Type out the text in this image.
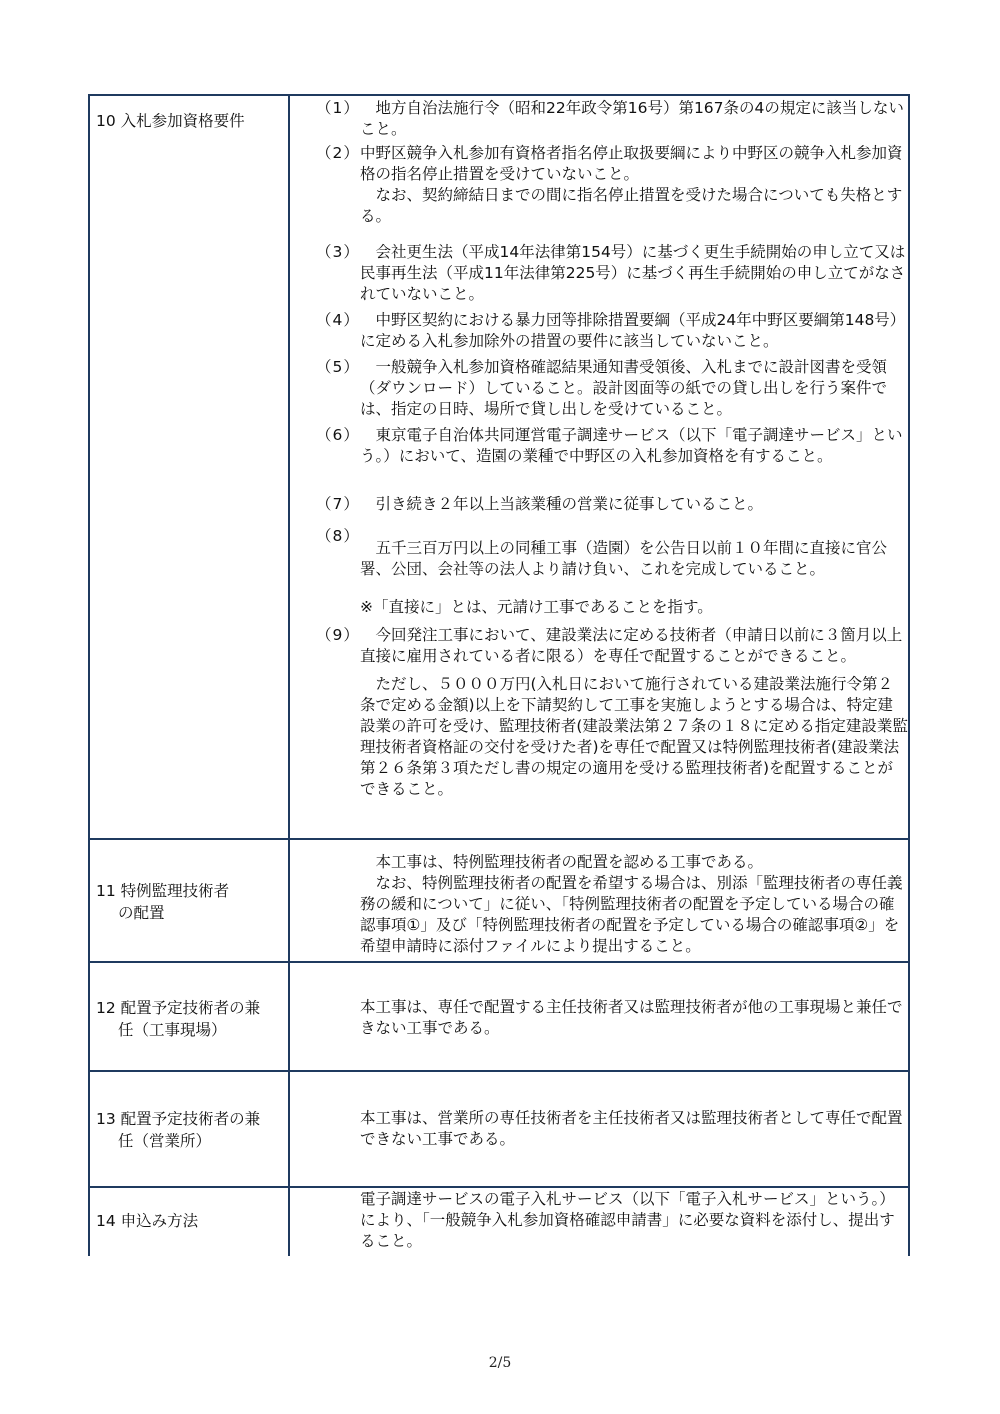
10 入札参加資格要件
（1） 　地方自治法施行令（昭和22年政令第16号）第167条の4の規定に該当しないこと。

（2） 中野区競争入札参加有資格者指名停止取扱要綱により中野区の競争入札参加資格の指名停止措置を受けていないこと。

　なお、契約締結日までの間に指名停止措置を受けた場合についても失格とする。

（3） 　会社更生法（平成14年法律第154号）に基づく更生手続開始の申し立て又は民事再生法（平成11年法律第225号）に基づく再生手続開始の申し立てがなされていないこと。

（4） 　中野区契約における暴力団等排除措置要綱（平成24年中野区要綱第148号）に定める入札参加除外の措置の要件に該当していないこと。

（5） 　一般競争入札参加資格確認結果通知書受領後、入札までに設計図書を受領（ダウンロード）していること。設計図面等の紙での貸し出しを行う案件では、指定の日時、場所で貸し出しを受けていること。

（6） 　東京電子自治体共同運営電子調達サービス（以下「電子調達サービス」という。）において、造園の業種で中野区の入札参加資格を有すること。

（7） 　引き続き２年以上当該業種の営業に従事していること。

（8）

　五千三百万円以上の同種工事（造園）を公告日以前１０年間に直接に官公署、公団、会社等の法人より請け負い、これを完成していること。

※「直接に」とは、元請け工事であることを指す。

（9） 　今回発注工事において、建設業法に定める技術者（申請日以前に３箇月以上直接に雇用されている者に限る）を専任で配置することができること。

　ただし、５０００万円(入札日において施行されている建設業法施行令第２条で定める金額)以上を下請契約して工事を実施しようとする場合は、特定建設業の許可を受け、監理技術者(建設業法第２７条の１８に定める指定建設業監理技術者資格証の交付を受けた者)を専任で配置又は特例監理技術者(建設業法第２６条第３項ただし書の規定の適用を受ける監理技術者)を配置することができること。

11 特例監理技術者
の配置

　本工事は、特例監理技術者の配置を認める工事である。

　なお、特例監理技術者の配置を希望する場合は、別添「監理技術者の専任義務の緩和について」に従い、「特例監理技術者の配置を予定している場合の確認事項①」及び「特例監理技術者の配置を予定している場合の確認事項②」を希望申請時に添付ファイルにより提出すること。

12 配置予定技術者の兼
任（工事現場）

本工事は、専任で配置する主任技術者又は監理技術者が他の工事現場と兼任できない工事である。

13 配置予定技術者の兼
任（営業所）

本工事は、営業所の専任技術者を主任技術者又は監理技術者として専任で配置できない工事である。

14 申込み方法

電子調達サービスの電子入札サービス（以下「電子入札サービス」という。）により、「一般競争入札参加資格確認申請書」に必要な資料を添付し、提出すること。

2/5
